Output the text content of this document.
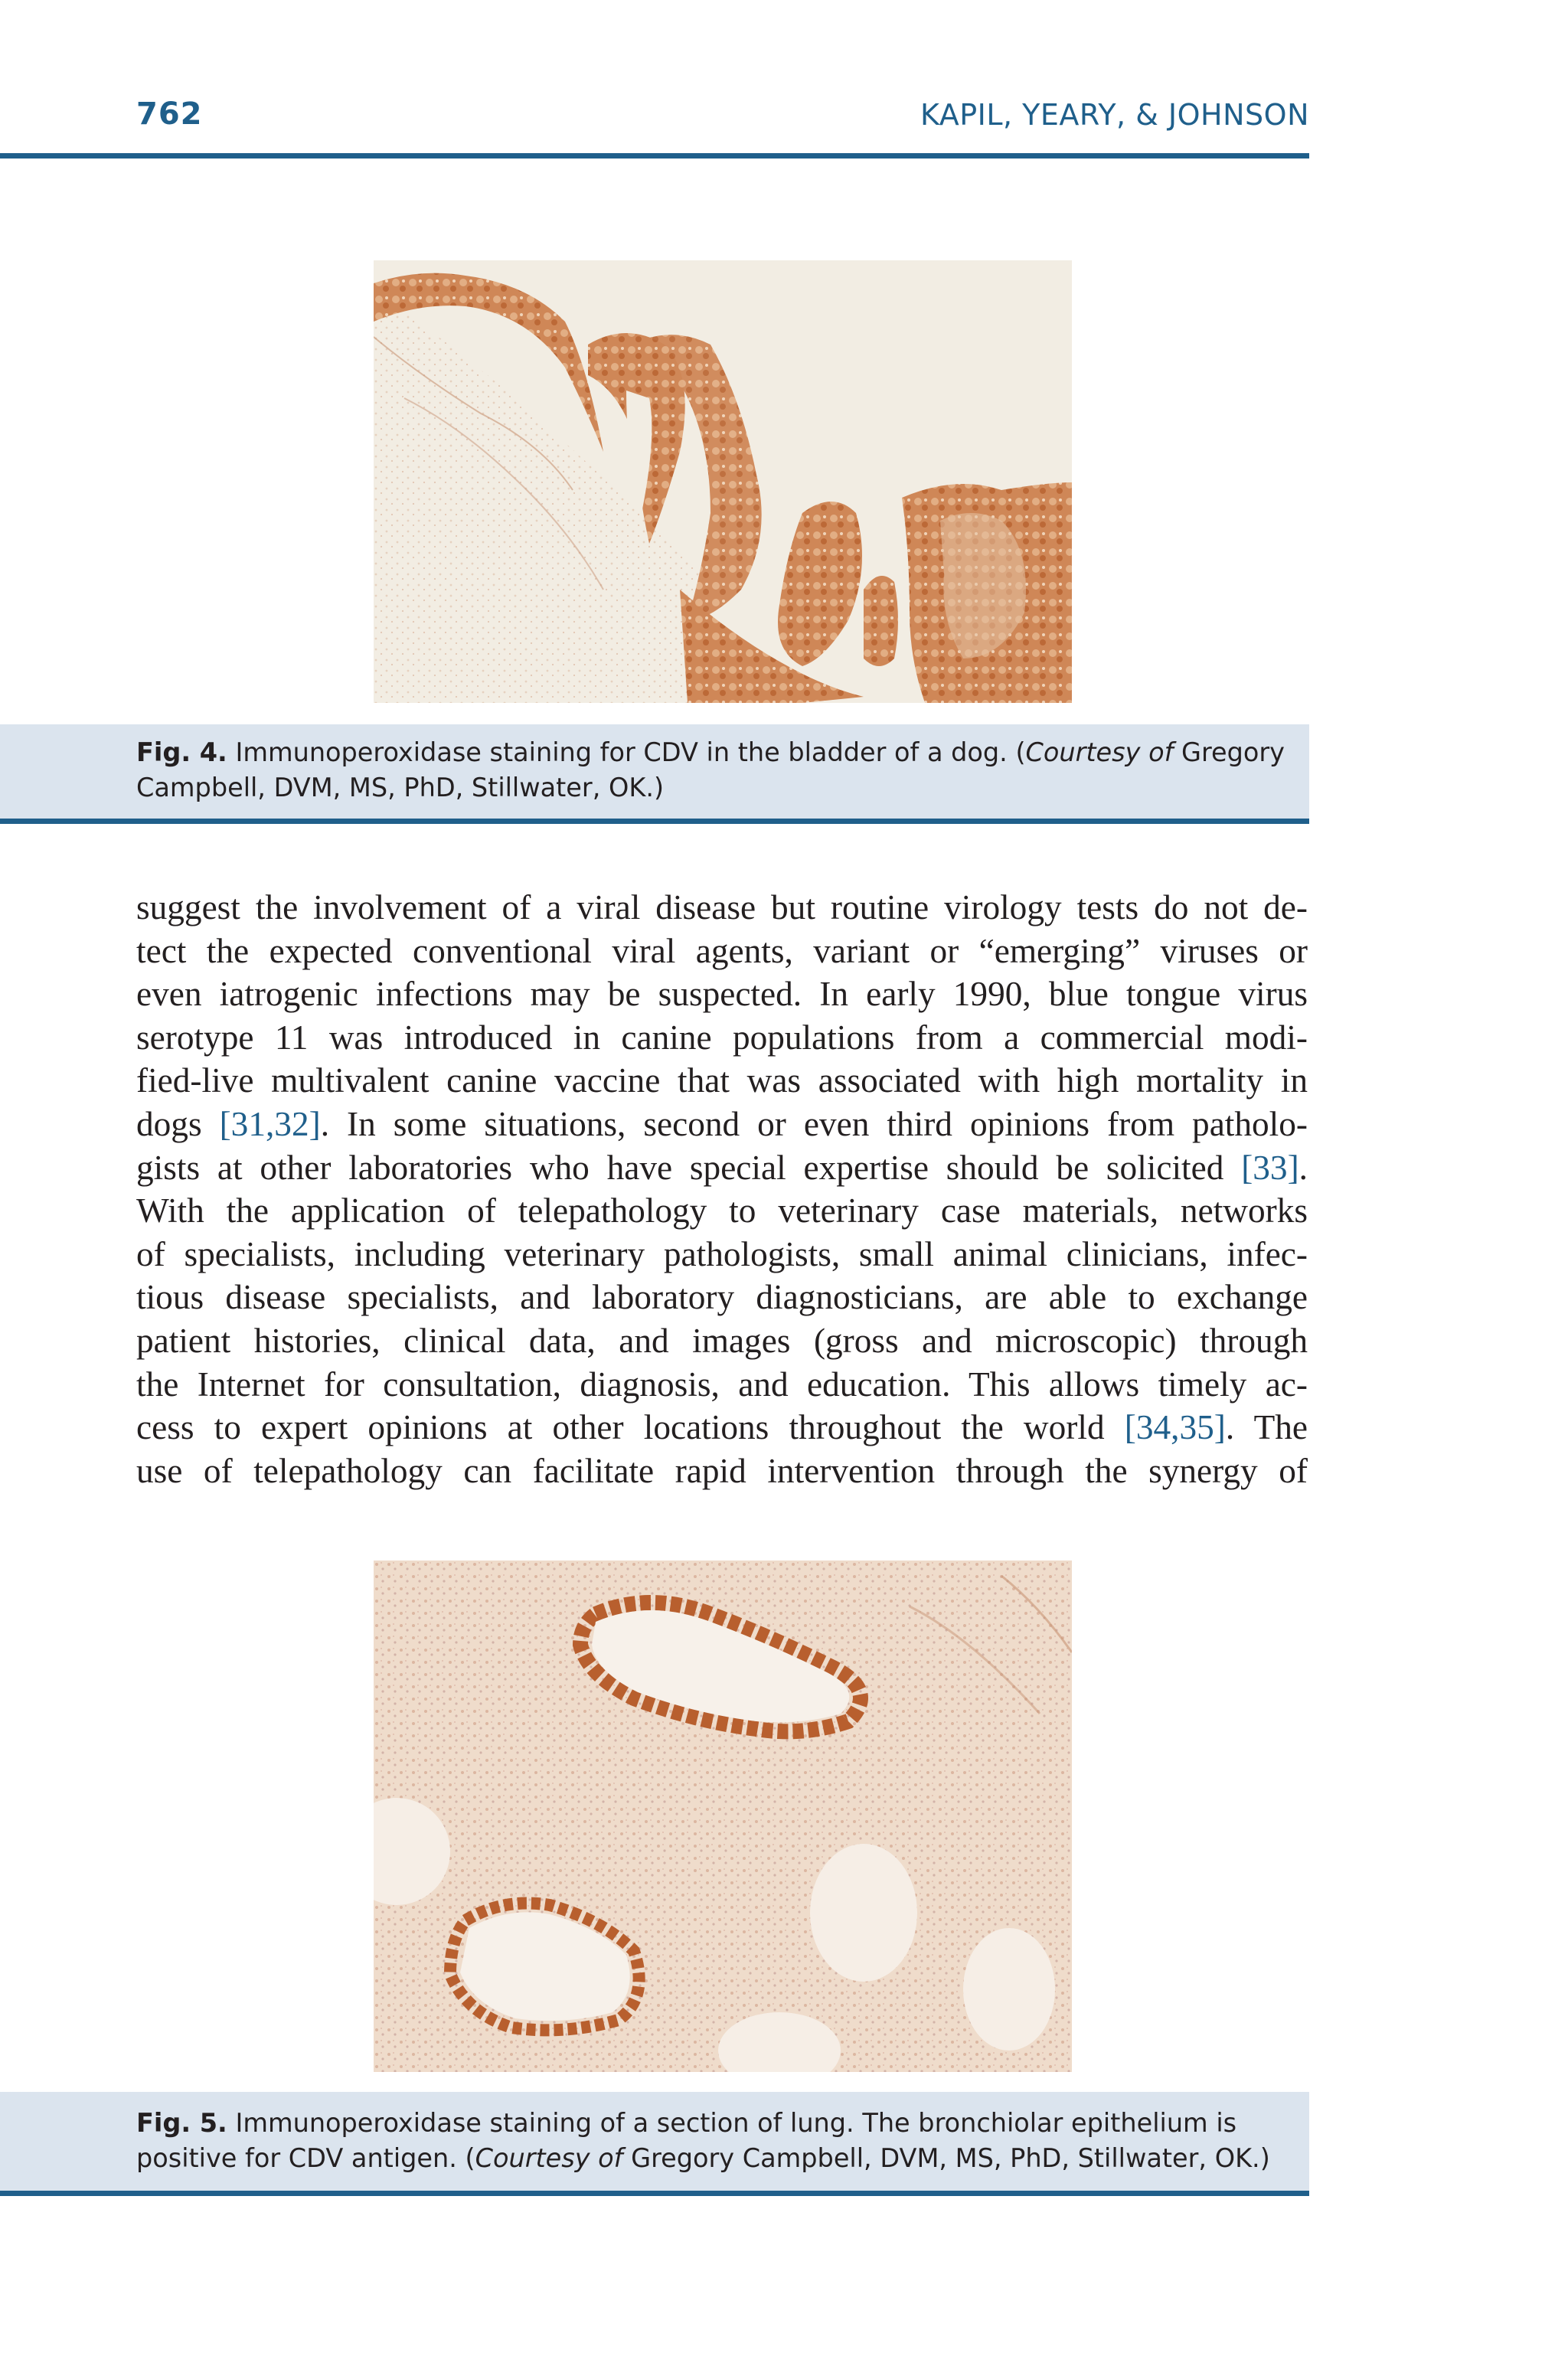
762	KAPIL, YEARY, & JOHNSON
Fig. 4. Immunoperoxidase staining for CDV in the bladder of a dog. (Courtesy of Gregory Campbell, DVM, MS, PhD, Stillwater, OK.)
suggest the involvement of a viral disease but routine virology tests do not de-
tect the expected conventional viral agents, variant or “emerging” viruses or
even iatrogenic infections may be suspected. In early 1990, blue tongue virus
serotype 11 was introduced in canine populations from a commercial modi-
fied-live multivalent canine vaccine that was associated with high mortality in
dogs [31,32]. In some situations, second or even third opinions from patholo-
gists at other laboratories who have special expertise should be solicited [33].
With the application of telepathology to veterinary case materials, networks
of specialists, including veterinary pathologists, small animal clinicians, infec-
tious disease specialists, and laboratory diagnosticians, are able to exchange
patient histories, clinical data, and images (gross and microscopic) through
the Internet for consultation, diagnosis, and education. This allows timely ac-
cess to expert opinions at other locations throughout the world [34,35]. The
use of telepathology can facilitate rapid intervention through the synergy of
Fig. 5. Immunoperoxidase staining of a section of lung. The bronchiolar epithelium is positive for CDV antigen. (Courtesy of Gregory Campbell, DVM, MS, PhD, Stillwater, OK.)
